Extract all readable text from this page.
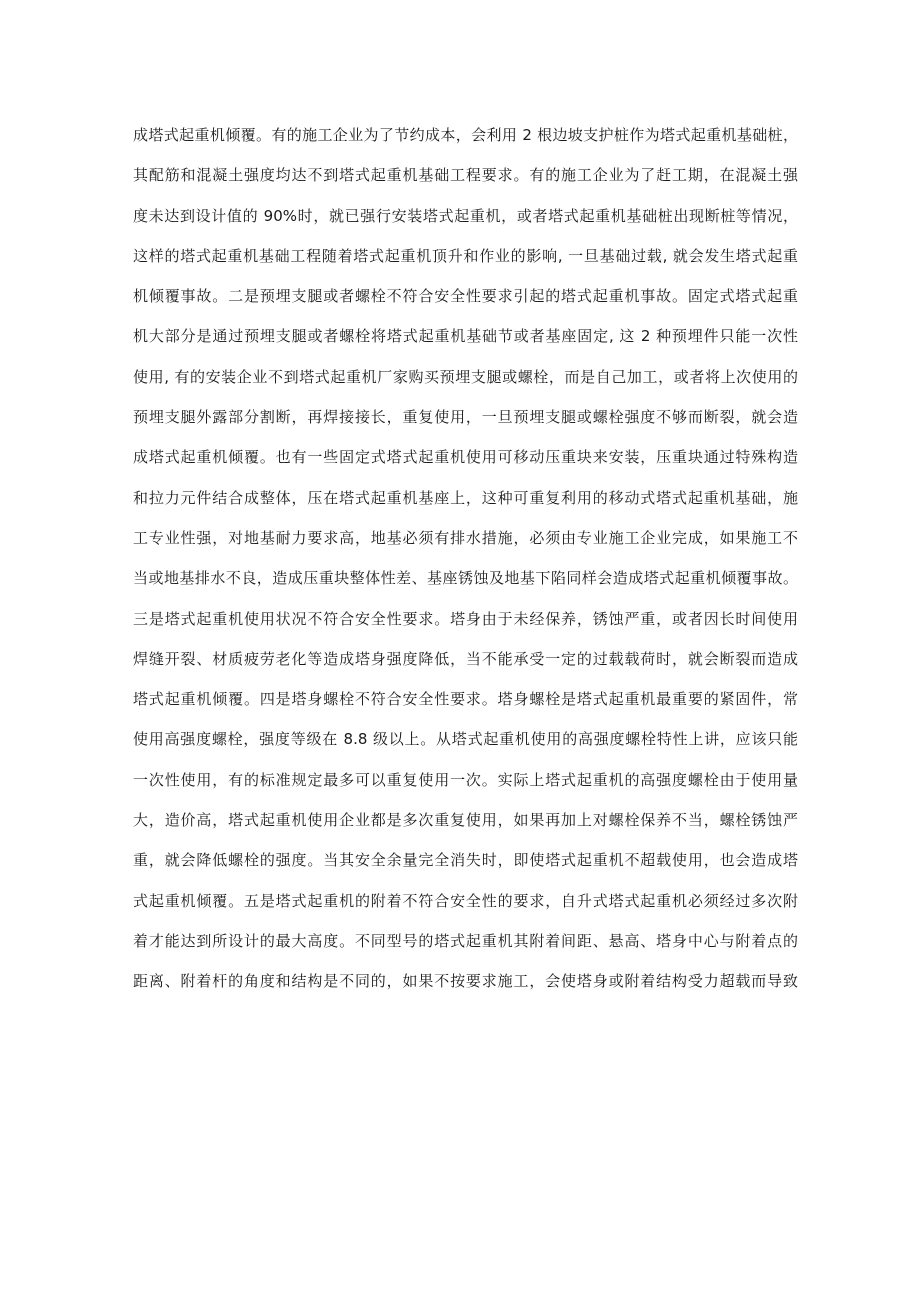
成塔式起重机倾覆。有的施工企业为了节约成本，会利用 2 根边坡支护桩作为塔式起重机基础桩，
其配筋和混凝土强度均达不到塔式起重机基础工程要求。有的施工企业为了赶工期，在混凝土强
度未达到设计值的 90%时，就已强行安装塔式起重机，或者塔式起重机基础桩出现断桩等情况，
这样的塔式起重机基础工程随着塔式起重机顶升和作业的影响, 一旦基础过载, 就会发生塔式起重
机倾覆事故。二是预埋支腿或者螺栓不符合安全性要求引起的塔式起重机事故。固定式塔式起重
机大部分是通过预埋支腿或者螺栓将塔式起重机基础节或者基座固定, 这 2 种预埋件只能一次性
使用, 有的安装企业不到塔式起重机厂家购买预埋支腿或螺栓，而是自己加工，或者将上次使用的
预埋支腿外露部分割断，再焊接接长，重复使用，一旦预埋支腿或螺栓强度不够而断裂，就会造
成塔式起重机倾覆。也有一些固定式塔式起重机使用可移动压重块来安装，压重块通过特殊构造
和拉力元件结合成整体，压在塔式起重机基座上，这种可重复利用的移动式塔式起重机基础，施
工专业性强，对地基耐力要求高，地基必须有排水措施，必须由专业施工企业完成，如果施工不
当或地基排水不良，造成压重块整体性差、基座锈蚀及地基下陷同样会造成塔式起重机倾覆事故。
三是塔式起重机使用状况不符合安全性要求。塔身由于未经保养，锈蚀严重，或者因长时间使用
焊缝开裂、材质疲劳老化等造成塔身强度降低，当不能承受一定的过载载荷时，就会断裂而造成
塔式起重机倾覆。四是塔身螺栓不符合安全性要求。塔身螺栓是塔式起重机最重要的紧固件，常
使用高强度螺栓，强度等级在 8.8 级以上。从塔式起重机使用的高强度螺栓特性上讲，应该只能
一次性使用，有的标准规定最多可以重复使用一次。实际上塔式起重机的高强度螺栓由于使用量
大，造价高，塔式起重机使用企业都是多次重复使用，如果再加上对螺栓保养不当，螺栓锈蚀严
重，就会降低螺栓的强度。当其安全余量完全消失时，即使塔式起重机不超载使用，也会造成塔
式起重机倾覆。五是塔式起重机的附着不符合安全性的要求，自升式塔式起重机必须经过多次附
着才能达到所设计的最大高度。不同型号的塔式起重机其附着间距、悬高、塔身中心与附着点的
距离、附着杆的角度和结构是不同的，如果不按要求施工，会使塔身或附着结构受力超载而导致
